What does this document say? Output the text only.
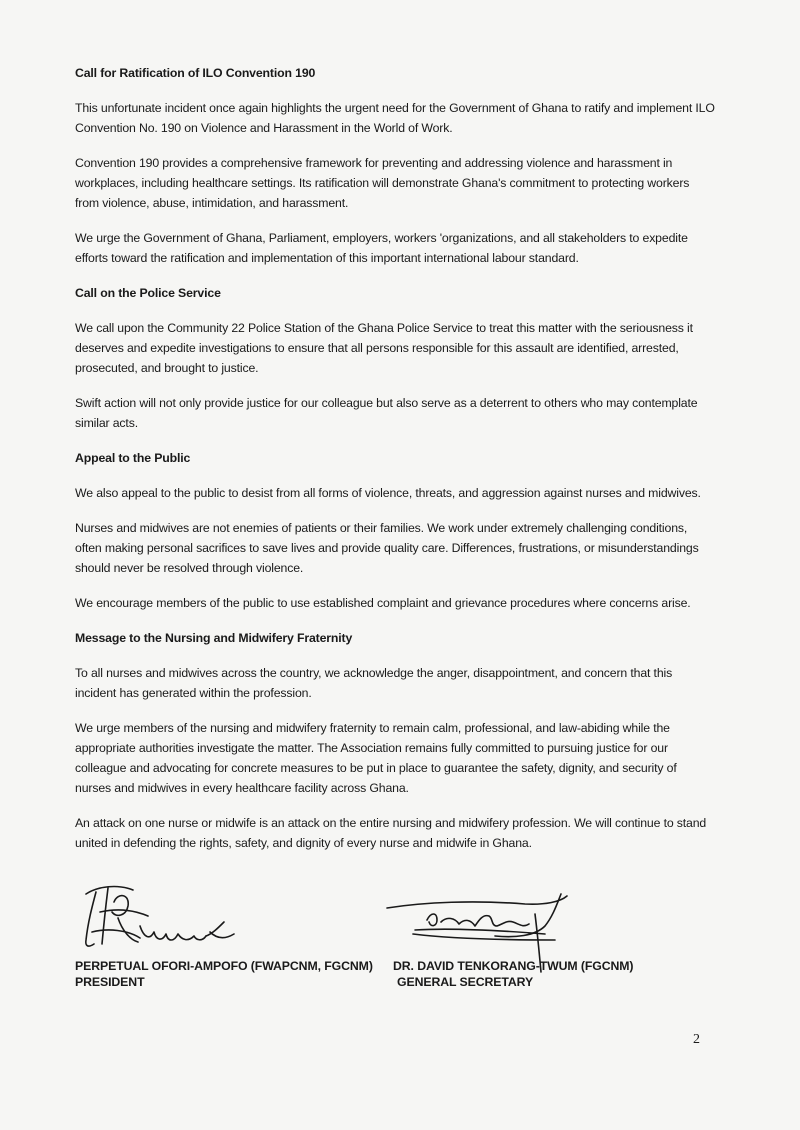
Call for Ratification of ILO Convention 190

This unfortunate incident once again highlights the urgent need for the Government of Ghana to ratify and implement ILO Convention No. 190 on Violence and Harassment in the World of Work.

Convention 190 provides a comprehensive framework for preventing and addressing violence and harassment in workplaces, including healthcare settings. Its ratification will demonstrate Ghana's commitment to protecting workers from violence, abuse, intimidation, and harassment.

We urge the Government of Ghana, Parliament, employers, workers 'organizations, and all stakeholders to expedite efforts toward the ratification and implementation of this important international labour standard.

Call on the Police Service

We call upon the Community 22 Police Station of the Ghana Police Service to treat this matter with the seriousness it deserves and expedite investigations to ensure that all persons responsible for this assault are identified, arrested, prosecuted, and brought to justice.

Swift action will not only provide justice for our colleague but also serve as a deterrent to others who may contemplate similar acts.

Appeal to the Public

We also appeal to the public to desist from all forms of violence, threats, and aggression against nurses and midwives.

Nurses and midwives are not enemies of patients or their families. We work under extremely challenging conditions, often making personal sacrifices to save lives and provide quality care. Differences, frustrations, or misunderstandings should never be resolved through violence.

We encourage members of the public to use established complaint and grievance procedures where concerns arise.

Message to the Nursing and Midwifery Fraternity

To all nurses and midwives across the country, we acknowledge the anger, disappointment, and concern that this incident has generated within the profession.

We urge members of the nursing and midwifery fraternity to remain calm, professional, and law-abiding while the appropriate authorities investigate the matter. The Association remains fully committed to pursuing justice for our colleague and advocating for concrete measures to be put in place to guarantee the safety, dignity, and security of nurses and midwives in every healthcare facility across Ghana.

An attack on one nurse or midwife is an attack on the entire nursing and midwifery profession. We will continue to stand united in defending the rights, safety, and dignity of every nurse and midwife in Ghana.

PERPETUAL OFORI-AMPOFO (FWAPCNM, FGCNM)
PRESIDENT
DR. DAVID TENKORANG-TWUM (FGCNM)
GENERAL SECRETARY
2
